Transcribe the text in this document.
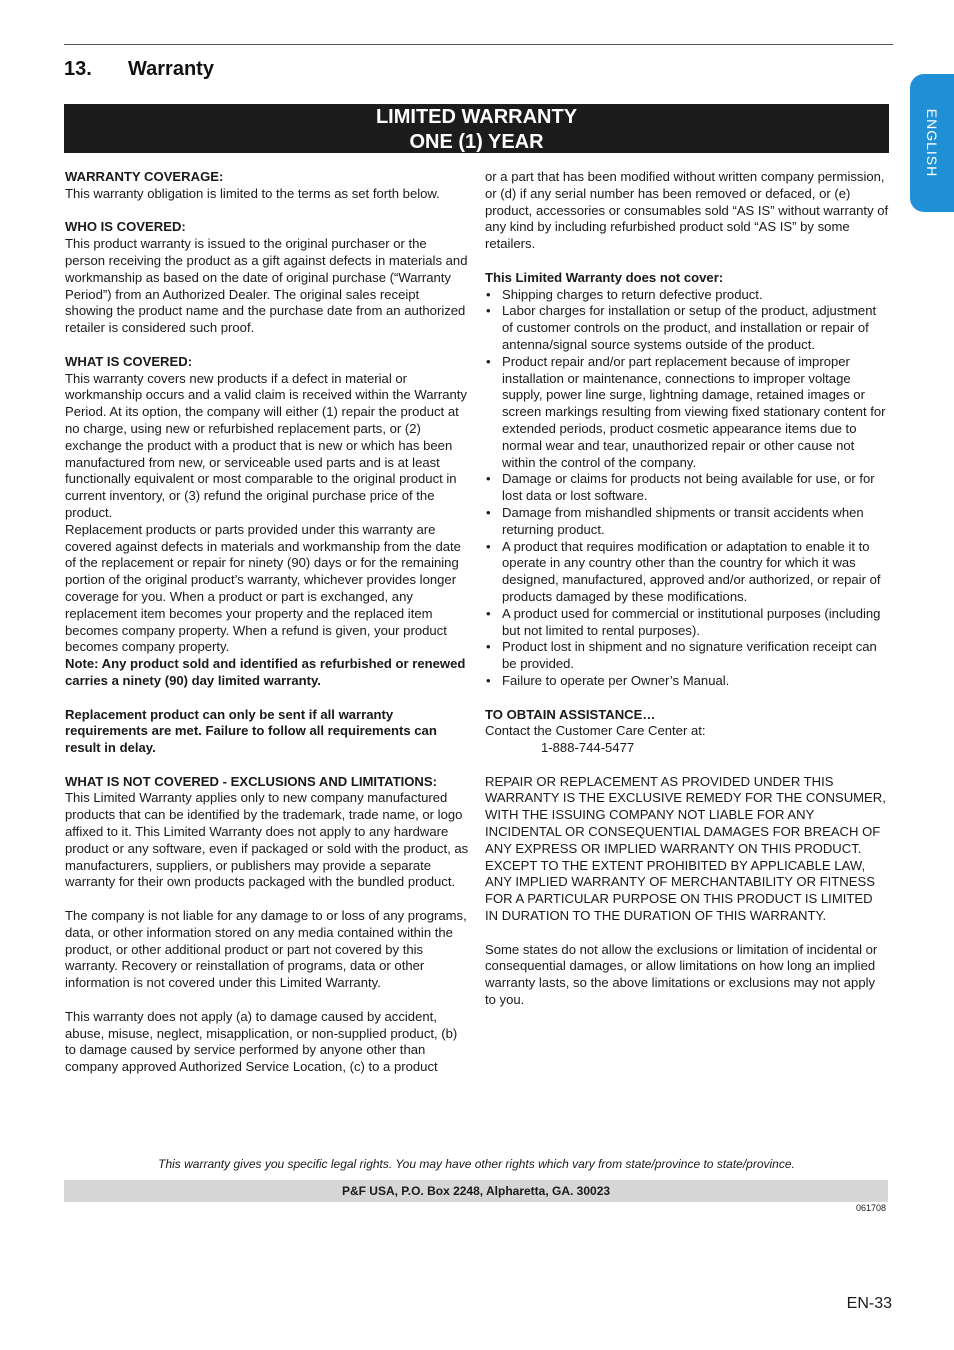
13. Warranty
ENGLISH
LIMITED WARRANTY
ONE (1) YEAR

WARRANTY COVERAGE:

This warranty obligation is limited to the terms as set forth below.

WHO IS COVERED:

This product warranty is issued to the original purchaser or the person receiving the product as a gift against defects in materials and workmanship as based on the date of original purchase (“Warranty Period”) from an Authorized Dealer. The original sales receipt showing the product name and the purchase date from an authorized retailer is considered such proof.

WHAT IS COVERED:

This warranty covers new products if a defect in material or workmanship occurs and a valid claim is received within the Warranty Period. At its option, the company will either (1) repair the product at no charge, using new or refurbished replacement parts, or (2) exchange the product with a product that is new or which has been manufactured from new, or serviceable used parts and is at least functionally equivalent or most comparable to the original product in current inventory, or (3) refund the original purchase price of the product.

Replacement products or parts provided under this warranty are covered against defects in materials and workmanship from the date of the replacement or repair for ninety (90) days or for the remaining portion of the original product’s warranty, whichever provides longer coverage for you. When a product or part is exchanged, any replacement item becomes your property and the replaced item becomes company property. When a refund is given, your product becomes company property.

Note: Any product sold and identified as refurbished or renewed carries a ninety (90) day limited warranty.

Replacement product can only be sent if all warranty requirements are met. Failure to follow all requirements can result in delay.

WHAT IS NOT COVERED - EXCLUSIONS AND LIMITATIONS:

This Limited Warranty applies only to new company manufactured products that can be identified by the trademark, trade name, or logo affixed to it. This Limited Warranty does not apply to any hardware product or any software, even if packaged or sold with the product, as manufacturers, suppliers, or publishers may provide a separate warranty for their own products packaged with the bundled product.

The company is not liable for any damage to or loss of any programs, data, or other information stored on any media contained within the product, or other additional product or part not covered by this warranty. Recovery or reinstallation of programs, data or other information is not covered under this Limited Warranty.

This warranty does not apply (a) to damage caused by accident, abuse, misuse, neglect, misapplication, or non-supplied product, (b) to damage caused by service performed by anyone other than company approved Authorized Service Location, (c) to a product

or a part that has been modified without written company permission, or (d) if any serial number has been removed or defaced, or (e) product, accessories or consumables sold “AS IS” without warranty of any kind by including refurbished product sold “AS IS” by some retailers.

This Limited Warranty does not cover:

• Shipping charges to return defective product.
• Labor charges for installation or setup of the product, adjustment of customer controls on the product, and installation or repair of antenna/signal source systems outside of the product.
• Product repair and/or part replacement because of improper installation or maintenance, connections to improper voltage supply, power line surge, lightning damage, retained images or screen markings resulting from viewing fixed stationary content for extended periods, product cosmetic appearance items due to normal wear and tear, unauthorized repair or other cause not within the control of the company.
• Damage or claims for products not being available for use, or for lost data or lost software.
• Damage from mishandled shipments or transit accidents when returning product.
• A product that requires modification or adaptation to enable it to operate in any country other than the country for which it was designed, manufactured, approved and/or authorized, or repair of products damaged by these modifications.
• A product used for commercial or institutional purposes (including but not limited to rental purposes).
• Product lost in shipment and no signature verification receipt can be provided.
• Failure to operate per Owner’s Manual.

TO OBTAIN ASSISTANCE…

Contact the Customer Care Center at:

1-888-744-5477

REPAIR OR REPLACEMENT AS PROVIDED UNDER THIS WARRANTY IS THE EXCLUSIVE REMEDY FOR THE CONSUMER, WITH THE ISSUING COMPANY NOT LIABLE FOR ANY INCIDENTAL OR CONSEQUENTIAL DAMAGES FOR BREACH OF ANY EXPRESS OR IMPLIED WARRANTY ON THIS PRODUCT. EXCEPT TO THE EXTENT PROHIBITED BY APPLICABLE LAW, ANY IMPLIED WARRANTY OF MERCHANTABILITY OR FITNESS FOR A PARTICULAR PURPOSE ON THIS PRODUCT IS LIMITED IN DURATION TO THE DURATION OF THIS WARRANTY.

Some states do not allow the exclusions or limitation of incidental or consequential damages, or allow limitations on how long an implied warranty lasts, so the above limitations or exclusions may not apply to you.

This warranty gives you specific legal rights. You may have other rights which vary from state/province to state/province.
P&F USA, P.O. Box 2248, Alpharetta, GA. 30023
061708
EN-33
